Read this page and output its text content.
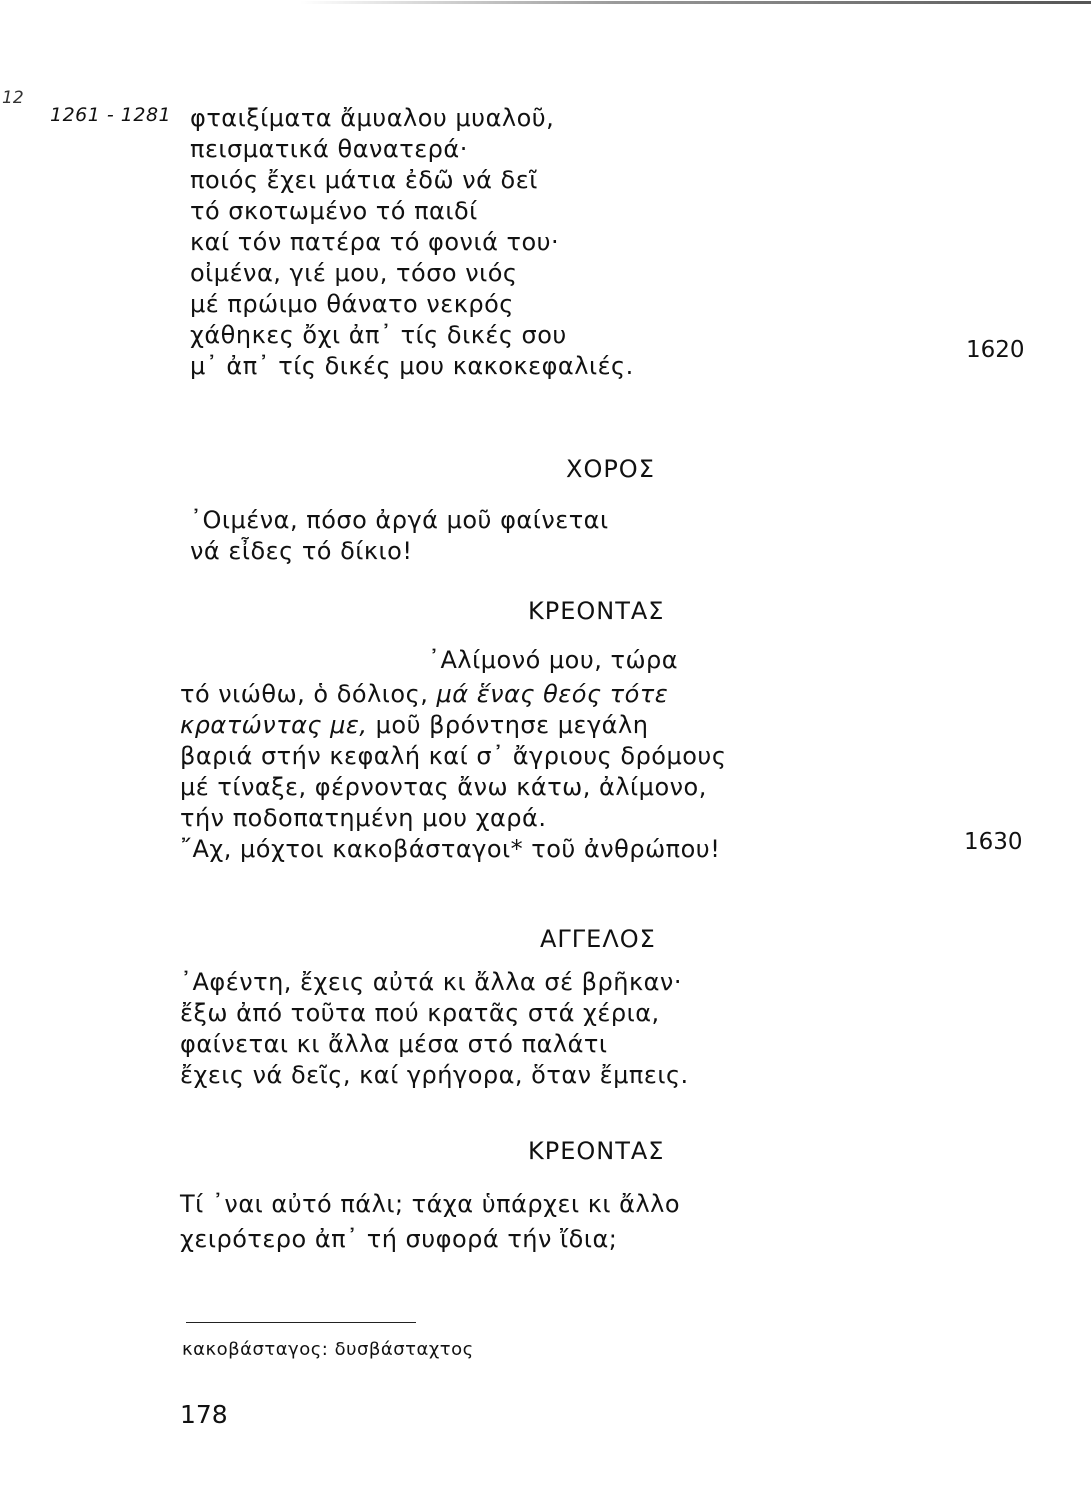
12
1261 - 1281 φταιξίματα ἄμυαλου μυαλοῦ,
πεισματικά θανατερά·
ποιός ἔχει μάτια ἐδῶ νά δεῖ
τό σκοτωμένο τό παιδί
καί τόν πατέρα τό φονιά του·
οἰμένα, γιέ μου, τόσο νιός
μέ πρώιμο θάνατο νεκρός
χάθηκες ὄχι ἀπ᾽ τίς δικές σου
μ᾽ ἀπ᾽ τίς δικές μου κακοκεφαλιές.
1620
ΧΟΡΟΣ
᾽Οιμένα, πόσο ἀργά μοῦ φαίνεται
νά εἶδες τό δίκιο!
ΚΡΕΟΝΤΑΣ
᾽Αλίμονό μου, τώρα
τό νιώθω, ὁ δόλιος, μά ἕνας θεός τότε
κρατώντας με, μοῦ βρόντησε μεγάλη
βαριά στήν κεφαλή καί σ᾽ ἄγριους δρόμους
μέ τίναξε, φέρνοντας ἄνω κάτω, ἀλίμονο,
τήν ποδοπατημένη μου χαρά.
῎Αχ, μόχτοι κακοβάσταγοι* τοῦ ἀνθρώπου!	1630
ΑΓΓΕΛΟΣ
᾽Αφέντη, ἔχεις αὐτά κι ἄλλα σέ βρῆκαν·
ἔξω ἀπό τοῦτα πού κρατᾶς στά χέρια,
φαίνεται κι ἄλλα μέσα στό παλάτι
ἔχεις νά δεῖς, καί γρήγορα, ὅταν ἔμπεις.
ΚΡΕΟΝΤΑΣ
Τί ᾽ναι αὐτό πάλι; τάχα ὑπάρχει κι ἄλλο
χειρότερο ἀπ᾽ τή συφορά τήν ἴδια;
κακοβάσταγος: δυσβάσταχτος
178
